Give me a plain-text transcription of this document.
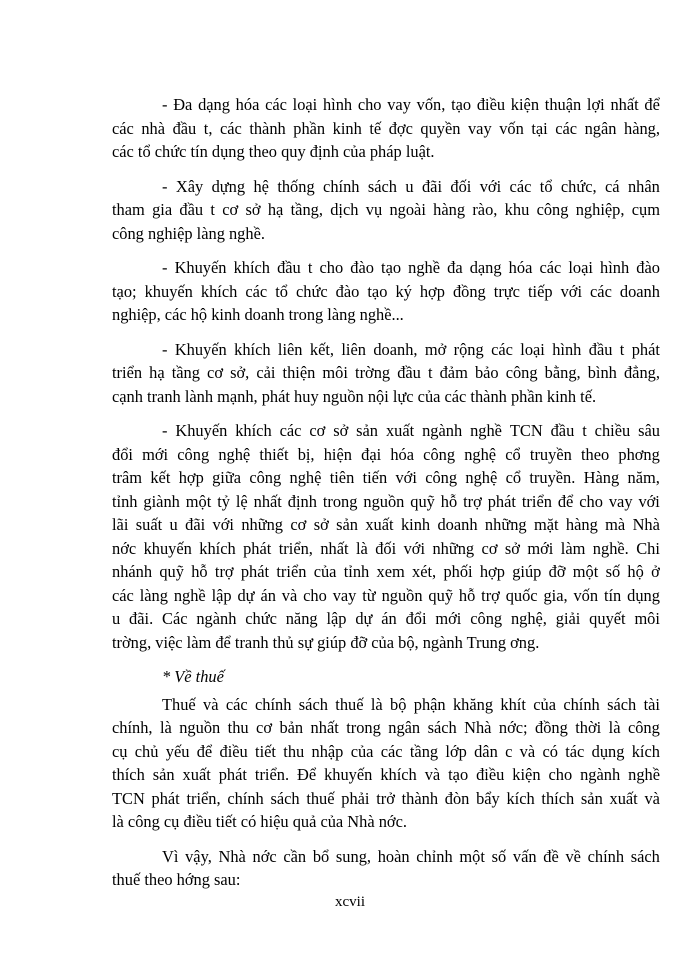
- Đa dạng hóa các loại hình cho vay vốn, tạo điều kiện thuận lợi nhất để
các nhà đầu t, các thành phần kinh tế đợc quyền vay vốn tại các ngân hàng,
các tổ chức tín dụng theo quy định của pháp luật.
- Xây dựng hệ thống chính sách u đãi đối với các tổ chức, cá nhân
tham gia đầu t cơ sở hạ tầng, dịch vụ ngoài hàng rào, khu công nghiệp, cụm
công nghiệp làng nghề.
- Khuyến khích đầu t cho đào tạo nghề đa dạng hóa các loại hình đào
tạo; khuyến khích các tổ chức đào tạo ký hợp đồng trực tiếp với các doanh
nghiệp, các hộ kinh doanh trong làng nghề...
- Khuyến khích liên kết, liên doanh, mở rộng các loại hình đầu t phát
triển hạ tầng cơ sở, cải thiện môi trờng đầu t đảm bảo công bằng, bình đẳng,
cạnh tranh lành mạnh, phát huy nguồn nội lực của các thành phần kinh tế.
- Khuyến khích các cơ sở sản xuất ngành nghề TCN đầu t chiều sâu
đổi mới công nghệ thiết bị, hiện đại hóa công nghệ cổ truyền theo phơng
trâm kết hợp giữa công nghệ tiên tiến với công nghệ cổ truyền. Hàng năm,
tỉnh giành một tỷ lệ nhất định trong nguồn quỹ hỗ trợ phát triển để cho vay với
lãi suất u đãi với những cơ sở sản xuất kinh doanh những mặt hàng mà Nhà
nớc khuyến khích phát triển, nhất là đối với những cơ sở mới làm nghề. Chi
nhánh quỹ hỗ trợ phát triển của tỉnh xem xét, phối hợp giúp đỡ một số hộ ở
các làng nghề lập dự án và cho vay từ nguồn quỹ hỗ trợ quốc gia, vốn tín dụng
u đãi. Các ngành chức năng lập dự án đổi mới công nghệ, giải quyết môi
trờng, việc làm để tranh thủ sự giúp đỡ của bộ, ngành Trung ơng.
* Về thuế
Thuế và các chính sách thuế là bộ phận khăng khít của chính sách tài
chính, là nguồn thu cơ bản nhất trong ngân sách Nhà nớc; đồng thời là công
cụ chủ yếu để điều tiết thu nhập của các tầng lớp dân c và có tác dụng kích
thích sản xuất phát triển. Để khuyến khích và tạo điều kiện cho ngành nghề
TCN phát triển, chính sách thuế phải trở thành đòn bẩy kích thích sản xuất và
là công cụ điều tiết có hiệu quả của Nhà nớc.
Vì vậy, Nhà nớc cần bổ sung, hoàn chỉnh một số vấn đề về chính sách
thuế theo hớng sau:
xcvii
